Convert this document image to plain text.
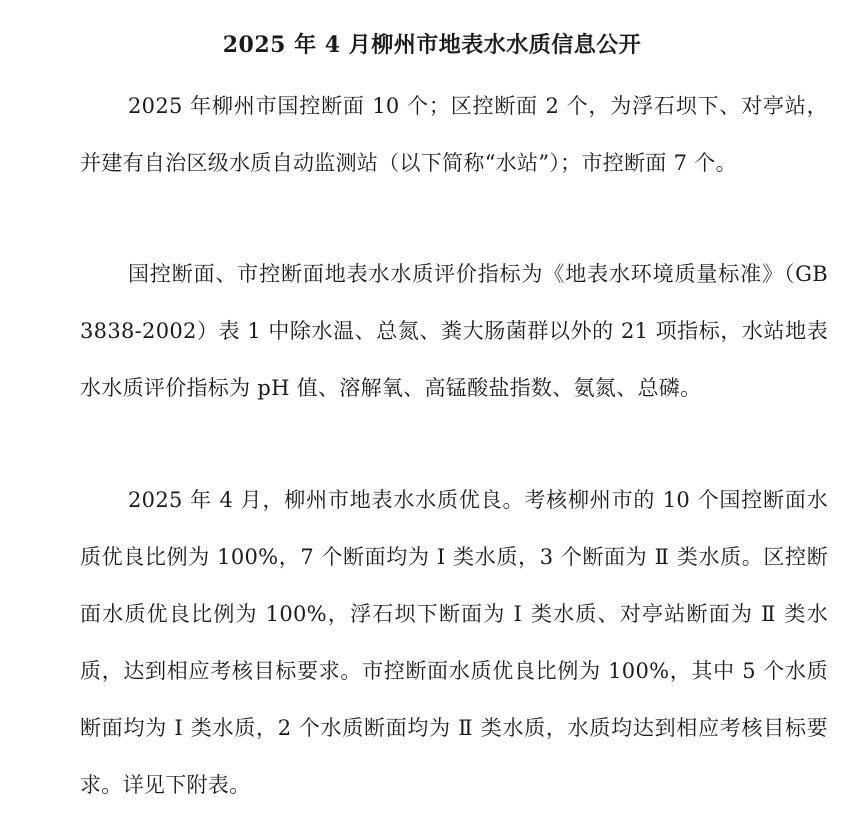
2025 年 4 月柳州市地表水水质信息公开

2025 年柳州市国控断面 10 个；区控断面 2 个，为浮石坝下、对亭站，并建有自治区级水质自动监测站（以下简称“水站”）；市控断面 7 个。

国控断面、市控断面地表水水质评价指标为《地表水环境质量标准》（GB 3838-2002）表 1 中除水温、总氮、粪大肠菌群以外的 21 项指标，水站地表水水质评价指标为 pH 值、溶解氧、高锰酸盐指数、氨氮、总磷。

2025 年 4 月，柳州市地表水水质优良。考核柳州市的 10 个国控断面水质优良比例为 100%，7 个断面均为 Ⅰ 类水质，3 个断面为 Ⅱ 类水质。区控断面水质优良比例为 100%，浮石坝下断面为 Ⅰ 类水质、对亭站断面为 Ⅱ 类水质，达到相应考核目标要求。市控断面水质优良比例为 100%，其中 5 个水质断面均为 Ⅰ 类水质，2 个水质断面均为 Ⅱ 类水质，水质均达到相应考核目标要求。详见下附表。
